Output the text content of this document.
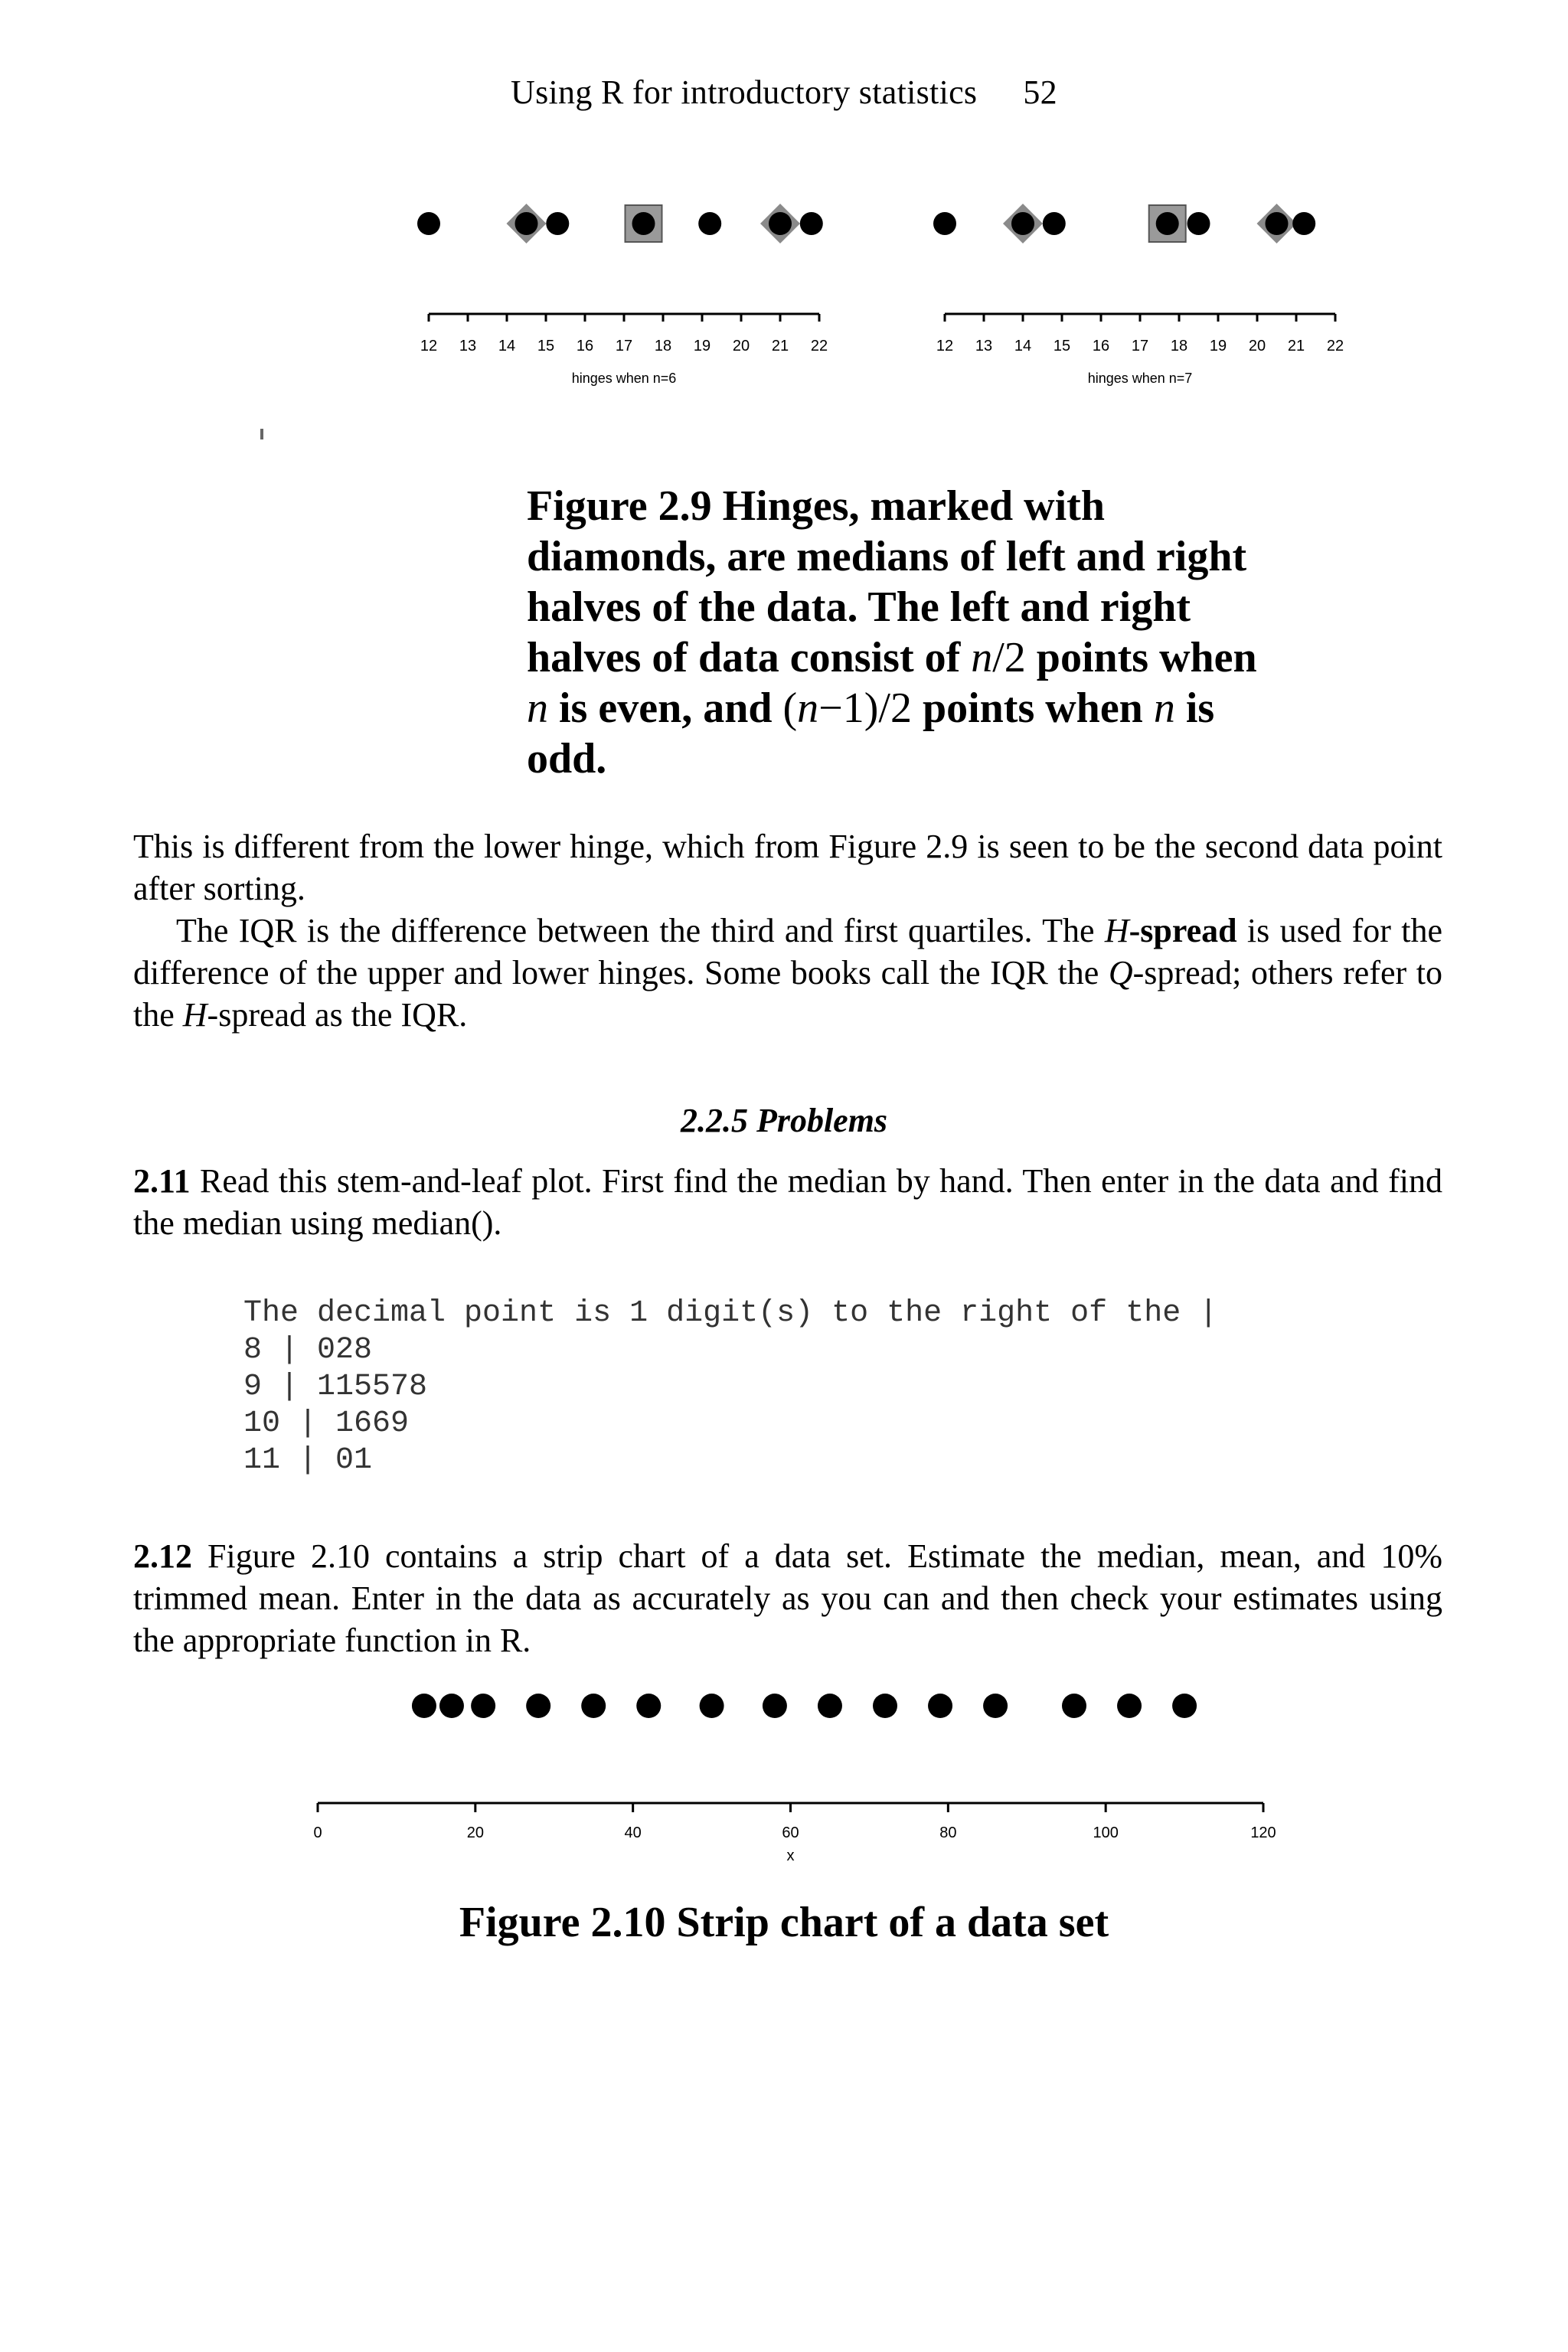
Using R for introductory statistics 52
12 13 14 15 16 17 18 19 20 21 22
hinges when n=6
12 13 14 15 16 17 18 19 20 21 22
hinges when n=7
Figure 2.9 Hinges, marked with diamonds, are medians of left and right halves of the data. The left and right halves of data consist of n/2 points when n is even, and (n−1)/2 points when n is odd.

This is different from the lower hinge, which from Figure 2.9 is seen to be the second data point after sorting.

The IQR is the difference between the third and first quartiles. The H-spread is used for the difference of the upper and lower hinges. Some books call the IQR the Q-spread; others refer to the H-spread as the IQR.

2.2.5 Problems

2.11 Read this stem-and-leaf plot. First find the median by hand. Then enter in the data and find the median using median().

The decimal point is 1 digit(s) to the right of the |
8 | 028
9 | 115578
10 | 1669
11 | 01

2.12 Figure 2.10 contains a strip chart of a data set. Estimate the median, mean, and 10% trimmed mean. Enter in the data as accurately as you can and then check your estimates using the appropriate function in R.

0	20	40	60	80	100	120
x
Figure 2.10 Strip chart of a data set
